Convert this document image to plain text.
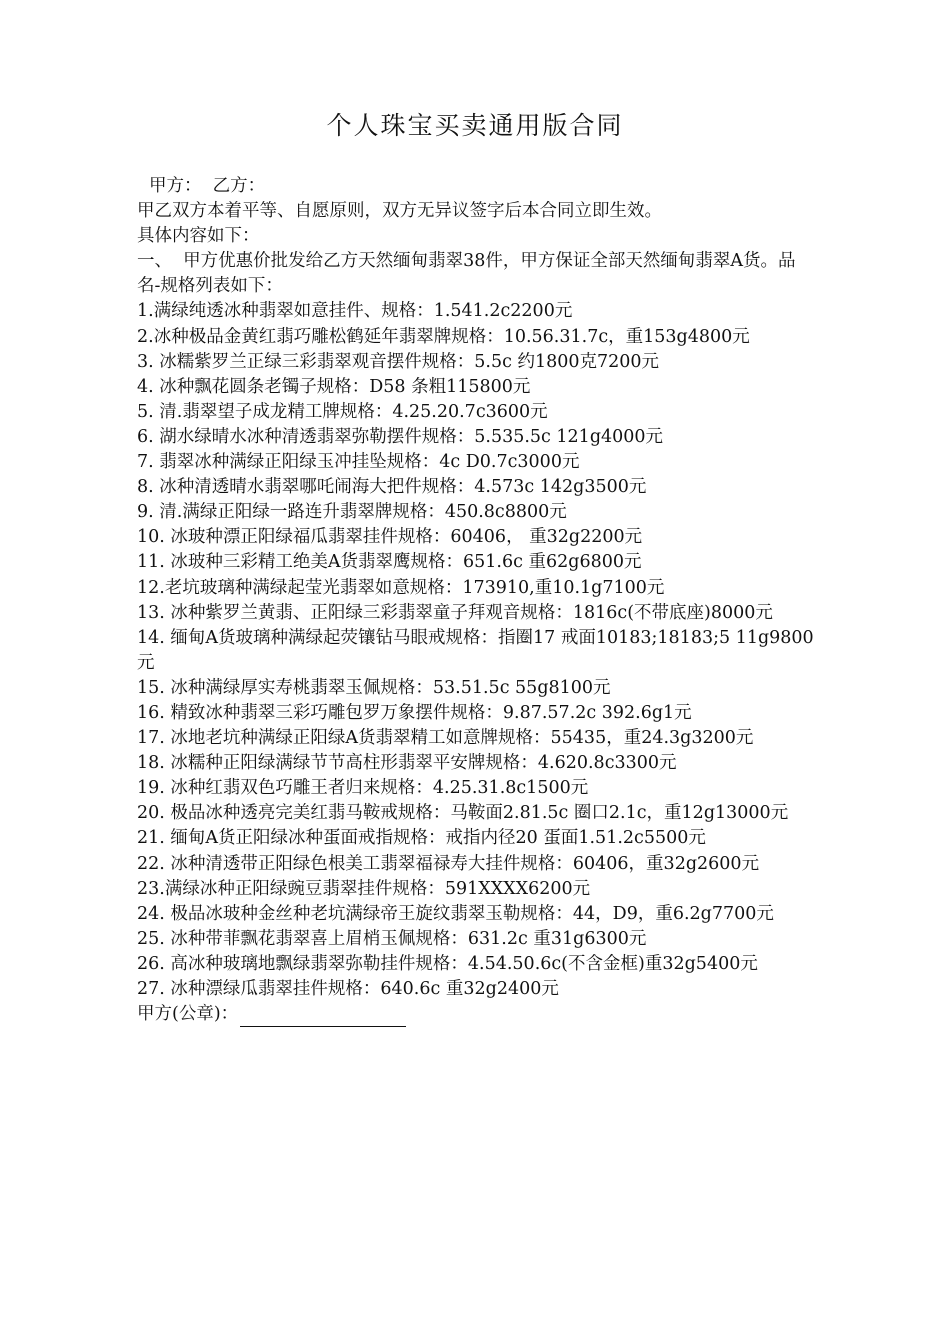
个人珠宝买卖通用版合同
甲方：  乙方：
甲乙双方本着平等、自愿原则，双方无异议签字后本合同立即生效。
具体内容如下：
一、  甲方优惠价批发给乙方天然缅甸翡翠38件，甲方保证全部天然缅甸翡翠A货。品名-规格列表如下：
1.满绿纯透冰种翡翠如意挂件、规格：1.541.2c2200元
2.冰种极品金黄红翡巧雕松鹤延年翡翠牌规格：10.56.31.7c，重153g4800元
3. 冰糯紫罗兰正绿三彩翡翠观音摆件规格：5.5c 约1800克7200元
4. 冰种飘花圆条老镯子规格：D58 条粗115800元
5. 清.翡翠望子成龙精工牌规格：4.25.20.7c3600元
6. 湖水绿晴水冰种清透翡翠弥勒摆件规格：5.535.5c 121g4000元
7. 翡翠冰种满绿正阳绿玉冲挂坠规格：4c D0.7c3000元
8. 冰种清透晴水翡翠哪吒闹海大把件规格：4.573c 142g3500元
9. 清.满绿正阳绿一路连升翡翠牌规格：450.8c8800元
10. 冰玻种漂正阳绿福瓜翡翠挂件规格：60406， 重32g2200元
11. 冰玻种三彩精工绝美A货翡翠鹰规格：651.6c 重62g6800元
12.老坑玻璃种满绿起莹光翡翠如意规格：173910,重10.1g7100元
13. 冰种紫罗兰黄翡、正阳绿三彩翡翠童子拜观音规格：1816c(不带底座)8000元
14. 缅甸A货玻璃种满绿起荧镶钻马眼戒规格：指圈17 戒面10183;18183;5 11g9800元
15. 冰种满绿厚实寿桃翡翠玉佩规格：53.51.5c 55g8100元
16. 精致冰种翡翠三彩巧雕包罗万象摆件规格：9.87.57.2c 392.6g1元
17. 冰地老坑种满绿正阳绿A货翡翠精工如意牌规格：55435，重24.3g3200元
18. 冰糯种正阳绿满绿节节高柱形翡翠平安牌规格：4.620.8c3300元
19. 冰种红翡双色巧雕王者归来规格：4.25.31.8c1500元
20. 极品冰种透亮完美红翡马鞍戒规格：马鞍面2.81.5c 圈口2.1c，重12g13000元
21. 缅甸A货正阳绿冰种蛋面戒指规格：戒指内径20 蛋面1.51.2c5500元
22. 冰种清透带正阳绿色根美工翡翠福禄寿大挂件规格：60406，重32g2600元
23.满绿冰种正阳绿豌豆翡翠挂件规格：591XXXX6200元
24. 极品冰玻种金丝种老坑满绿帝王旋纹翡翠玉勒规格：44，D9，重6.2g7700元
25. 冰种带菲飘花翡翠喜上眉梢玉佩规格：631.2c 重31g6300元
26. 高冰种玻璃地飘绿翡翠弥勒挂件规格：4.54.50.6c(不含金框)重32g5400元
27. 冰种漂绿瓜翡翠挂件规格：640.6c 重32g2400元
甲方(公章)：
